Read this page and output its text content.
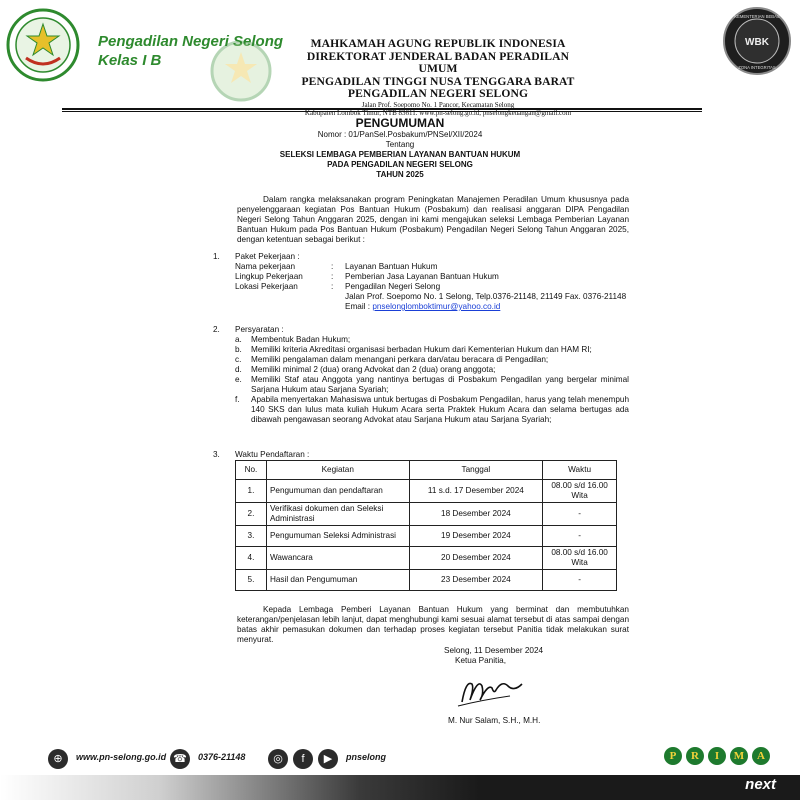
Pengadilan Negeri Selong
Kelas I B
KEMENTERIAN BEBAS
WBK
ZONA INTEGRITAS
MAHKAMAH AGUNG REPUBLIK INDONESIA
DIREKTORAT JENDERAL BADAN PERADILAN UMUM
PENGADILAN TINGGI NUSA TENGGARA BARAT
PENGADILAN NEGERI SELONG
Jalan Prof. Soepomo No. 1 Pancor, Kecamatan Selong
Kabupaten Lombok Timur, NTB 83611. www.pn-selong.go.id, pnselongkeuangan@gmail.com
PENGUMUMAN
Nomor : 01/PanSel.Posbakum/PNSel/XII/2024
Tentang
SELEKSI LEMBAGA PEMBERIAN LAYANAN BANTUAN HUKUM
PADA PENGADILAN NEGERI SELONG
TAHUN 2025

Dalam rangka melaksanakan program Peningkatan Manajemen Peradilan Umum khususnya pada penyelenggaraan kegiatan Pos Bantuan Hukum (Posbakum) dan realisasi anggaran DIPA Pengadilan Negeri Selong Tahun Anggaran 2025, dengan ini kami mengajukan seleksi Lembaga Pemberian Layanan Bantuan Hukum pada Pos Bantuan Hukum (Posbakum) Pengadilan Negeri Selong Tahun Anggaran 2025, dengan ketentuan sebagai berikut :

1. Paket Pekerjaan :
Nama pekerjaan	:	Layanan Bantuan Hukum
Lingkup Pekerjaan	:	Pemberian Jasa Layanan Bantuan Hukum
Lokasi Pekerjaan	:	Pengadilan Negeri Selong
Jalan Prof. Soepomo No. 1 Selong, Telp.0376-21148, 21149 Fax. 0376-21148 Email : pnselonglomboktimur@yahoo.co.id
2. Persyaratan :
a.	Membentuk Badan Hukum;
b.	Memiliki kriteria Akreditasi organisasi berbadan Hukum dari Kementerian Hukum dan HAM RI;
c.	Memiliki pengalaman dalam menangani perkara dan/atau beracara di Pengadilan;
d.	Memiliki minimal 2 (dua) orang Advokat dan 2 (dua) orang anggota;
e.	Memiliki Staf atau Anggota yang nantinya bertugas di Posbakum Pengadilan yang bergelar minimal Sarjana Hukum atau Sarjana Syariah;
f.	Apabila menyertakan Mahasiswa untuk bertugas di Posbakum Pengadilan, harus yang telah menempuh 140 SKS dan lulus mata kuliah Hukum Acara serta Praktek Hukum Acara dan selama bertugas ada dibawah pengawasan seorang Advokat atau Sarjana Hukum atau Sarjana Syariah;
3. Waktu Pendaftaran :
No.	Kegiatan	Tanggal	Waktu
1.	Pengumuman dan pendaftaran	11 s.d. 17 Desember 2024	08.00 s/d 16.00 Wita
2.	Verifikasi dokumen dan Seleksi Administrasi	18 Desember 2024	-
3.	Pengumuman Seleksi Administrasi	19 Desember 2024	-
4.	Wawancara	20 Desember 2024	08.00 s/d 16.00 Wita
5.	Hasil dan Pengumuman	23 Desember 2024	-

Kepada Lembaga Pemberi Layanan Bantuan Hukum yang berminat dan membutuhkan keterangan/penjelasan lebih lanjut, dapat menghubungi kami sesuai alamat tersebut di atas sampai dengan batas akhir pemasukan dokumen dan terhadap proses kegiatan tersebut Panitia tidak melakukan surat menyurat.

Selong, 11 Desember 2024
Ketua Panitia,
M. Nur Salam, S.H., M.H.
⊕	www.pn-selong.go.id ☎	0376-21148	◎	f	▶	pnselong	P	R	I	M	A
next
